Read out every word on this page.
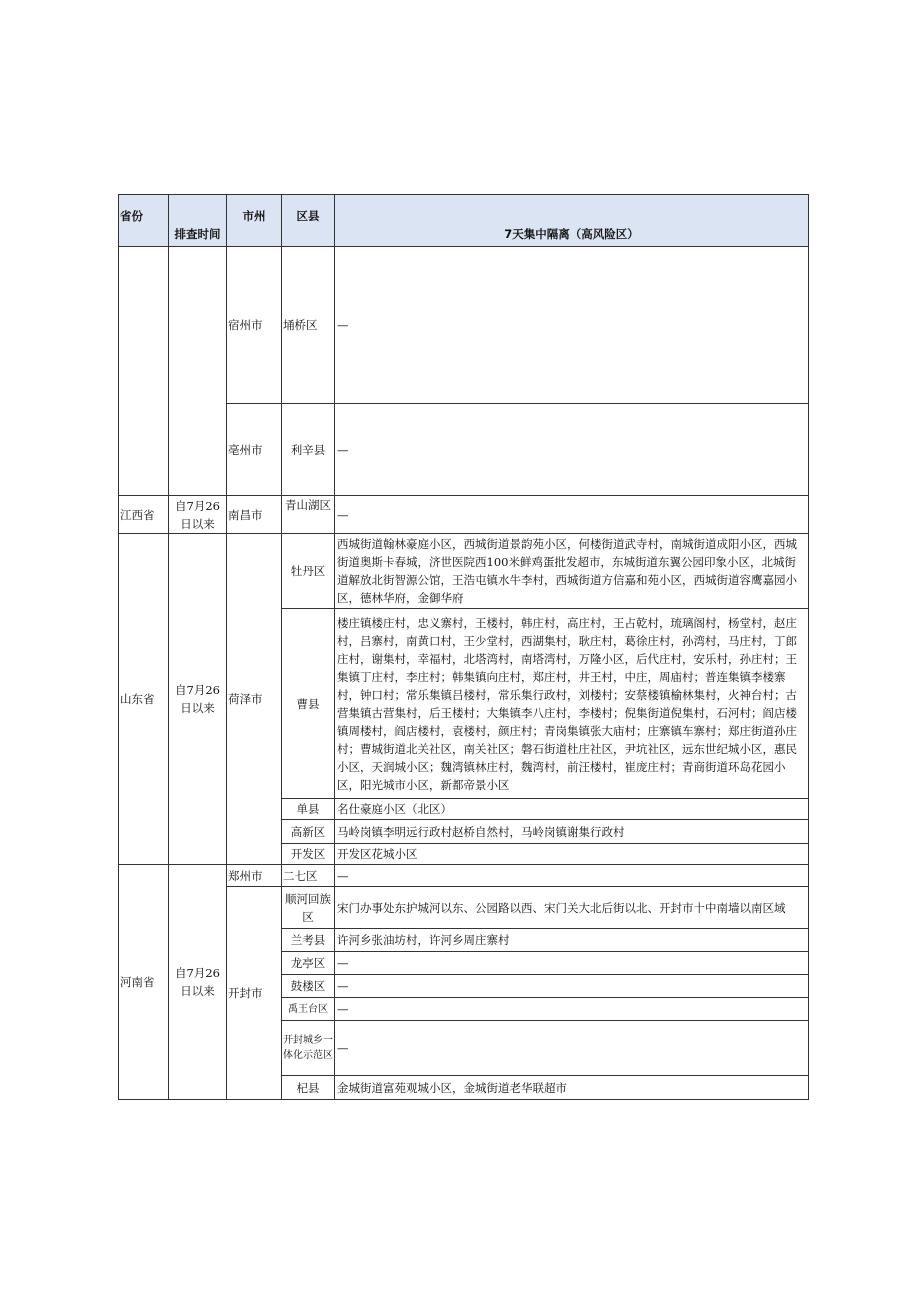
省份	排查时间	市州	区县	7天集中隔离（高风险区）
		宿州市	埇桥区	—
		亳州市	利辛县	—
江西省	自7月26日以来	南昌市	青山湖区	—
山东省	自7月26日以来	荷泽市	牡丹区	西城街道翰林豪庭小区，西城街道景韵苑小区，何楼街道武寺村，南城街道成阳小区，西城街道奥斯卡春城，济世医院西100米鲜鸡蛋批发超市，东城街道东翼公园印象小区，北城街道解放北街智源公馆，王浩屯镇水牛李村，西城街道方信嘉和苑小区，西城街道容鹰嘉园小区，德林华府，金御华府
			曹县	楼庄镇楼庄村，忠义寨村，王楼村，韩庄村，高庄村，王占乾村，琉璃阁村，杨堂村，赵庄村，吕寨村，南黄口村，王少堂村，西湖集村，耿庄村，葛徐庄村，孙湾村，马庄村，丁郎庄村，谢集村，幸福村，北塔湾村，南塔湾村，万隆小区，后代庄村，安乐村，孙庄村；王集镇丁庄村，李庄村；韩集镇向庄村，郑庄村，井王村，中庄，周庙村；普连集镇李楼寨村，钟口村；常乐集镇吕楼村，常乐集行政村，刘楼村；安蔡楼镇榆林集村，火神台村；古营集镇古营集村，后王楼村；大集镇李八庄村，李楼村；倪集街道倪集村，石河村；阎店楼镇周楼村，阎店楼村，袁楼村，颜庄村；青岗集镇张大庙村；庄寨镇车寨村；郑庄街道孙庄村；曹城街道北关社区，南关社区；磐石街道杜庄社区，尹坑社区，远东世纪城小区，惠民小区，天润城小区；魏湾镇林庄村，魏湾村，前汪楼村，崔庞庄村；青商街道环岛花园小区，阳光城市小区，新都帝景小区
			单县	名仕豪庭小区（北区）
			高新区	马岭岗镇李明远行政村赵桥自然村，马岭岗镇谢集行政村
			开发区	开发区花城小区
河南省	自7月26日以来	郑州市	二七区	—
		开封市	顺河回族区	宋门办事处东护城河以东、公园路以西、宋门关大北后街以北、开封市十中南墙以南区域
			兰考县	许河乡张油坊村，许河乡周庄寨村
			龙亭区	—
			鼓楼区	—
			禹王台区	—
			开封城乡一体化示范区	—
			杞县	金城街道富苑观城小区，金城街道老华联超市
